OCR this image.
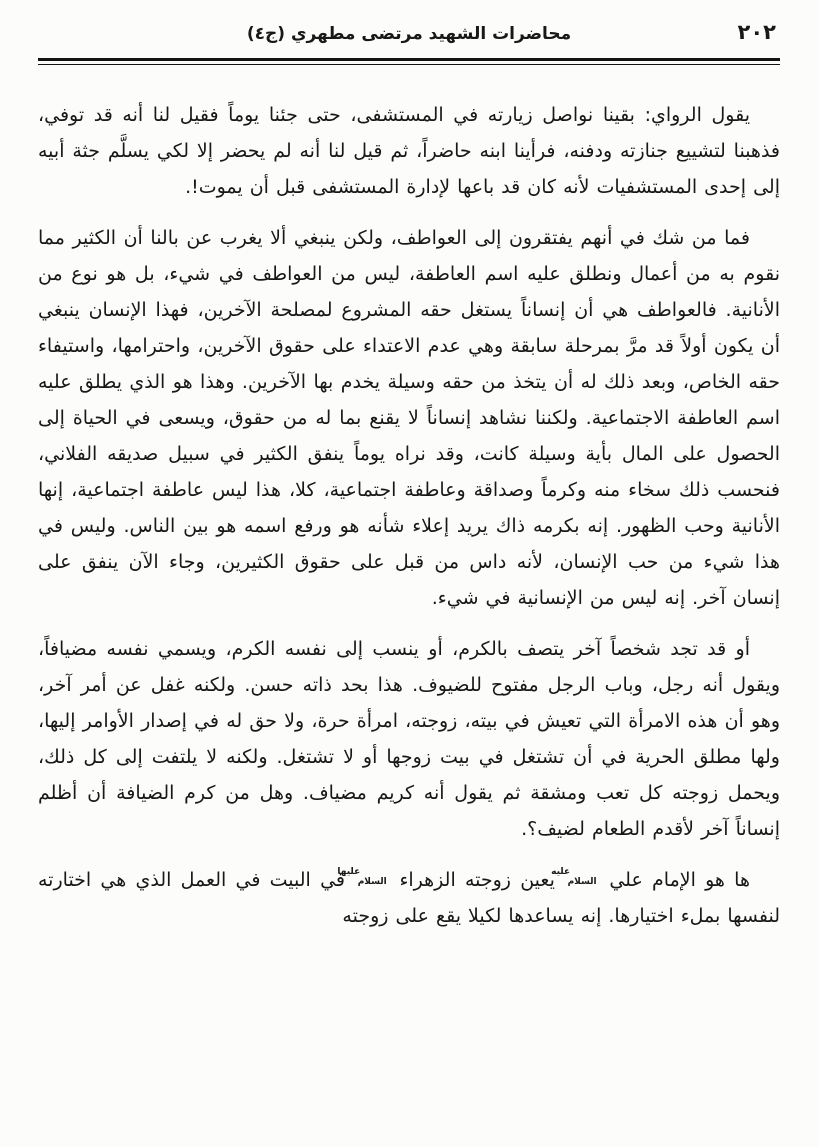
٢٠٢
محاضرات الشهيد مرتضى مطهري (ج٤)

يقول الرواي: بقينا نواصل زيارته في المستشفى، حتى جئنا يوماً فقيل لنا أنه قد توفي، فذهبنا لتشييع جنازته ودفنه، فرأينا ابنه حاضراً، ثم قيل لنا أنه لم يحضر إلا لكي يسلَّم جثة أبيه إلى إحدى المستشفيات لأنه كان قد باعها لإدارة المستشفى قبل أن يموت!.

فما من شك في أنهم يفتقرون إلى العواطف، ولكن ينبغي ألا يغرب عن بالنا أن الكثير مما نقوم به من أعمال ونطلق عليه اسم العاطفة، ليس من العواطف في شيء، بل هو نوع من الأنانية. فالعواطف هي أن إنساناً يستغل حقه المشروع لمصلحة الآخرين، فهذا الإنسان ينبغي أن يكون أولاً قد مرَّ بمرحلة سابقة وهي عدم الاعتداء على حقوق الآخرين، واحترامها، واستيفاء حقه الخاص، وبعد ذلك له أن يتخذ من حقه وسيلة يخدم بها الآخرين. وهذا هو الذي يطلق عليه اسم العاطفة الاجتماعية. ولكننا نشاهد إنساناً لا يقنع بما له من حقوق، ويسعى في الحياة إلى الحصول على المال بأية وسيلة كانت، وقد نراه يوماً ينفق الكثير في سبيل صديقه الفلاني، فنحسب ذلك سخاء منه وكرماً وصداقة وعاطفة اجتماعية، كلا، هذا ليس عاطفة اجتماعية، إنها الأنانية وحب الظهور. إنه بكرمه ذاك يريد إعلاء شأنه هو ورفع اسمه هو بين الناس. وليس في هذا شيء من حب الإنسان، لأنه داس من قبل على حقوق الكثيرين، وجاء الآن ينفق على إنسان آخر. إنه ليس من الإنسانية في شيء.

أو قد تجد شخصاً آخر يتصف بالكرم، أو ينسب إلى نفسه الكرم، ويسمي نفسه مضيافاً، ويقول أنه رجل، وباب الرجل مفتوح للضيوف. هذا بحد ذاته حسن. ولكنه غفل عن أمر آخر، وهو أن هذه الامرأة التي تعيش في بيته، زوجته، امرأة حرة، ولا حق له في إصدار الأوامر إليها، ولها مطلق الحرية في أن تشتغل في بيت زوجها أو لا تشتغل. ولكنه لا يلتفت إلى كل ذلك، ويحمل زوجته كل تعب ومشقة ثم يقول أنه كريم مضياف. وهل من كرم الضيافة أن أظلم إنساناً آخر لأقدم الطعام لضيف؟.

ها هو الإمام علي عليه السلام يعين زوجته الزهراء عليها السلام في البيت في العمل الذي هي اختارته لنفسها بملء اختيارها. إنه يساعدها لكيلا يقع على زوجته
